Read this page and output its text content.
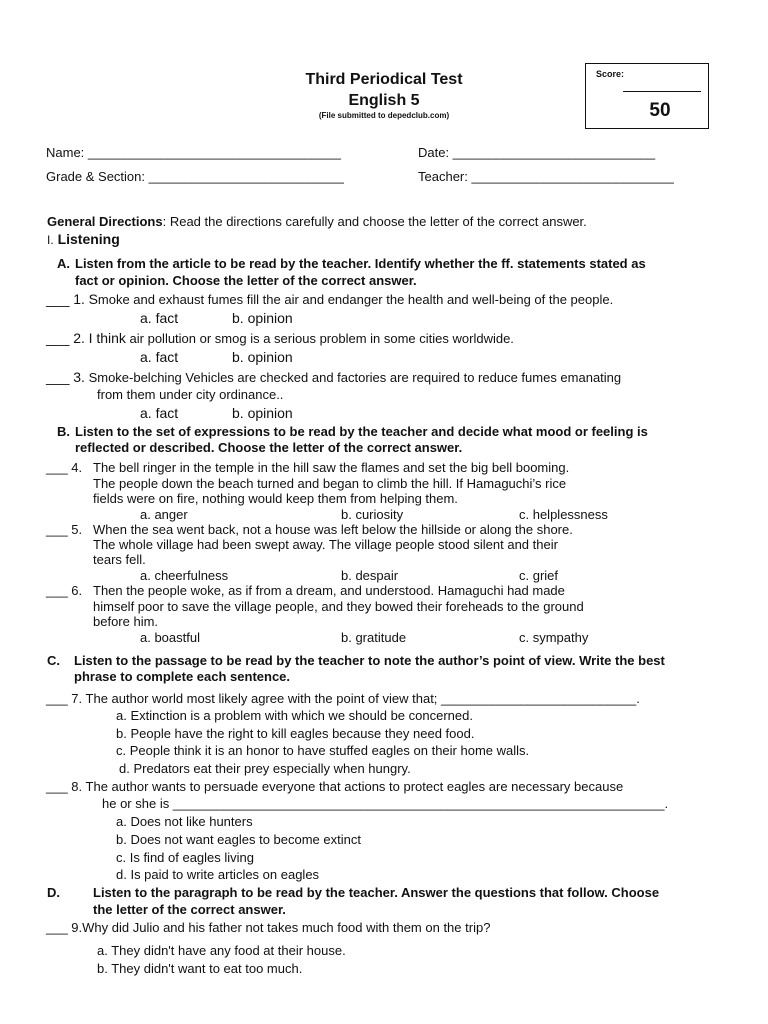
Third Periodical Test
English 5
(File submitted to depedclub.com)
Score:
50
Name: ___________________________________	Date: ____________________________
Grade & Section: ___________________________	Teacher: ____________________________
General Directions: Read the directions carefully and choose the letter of the correct answer.
I. Listening
A. Listen from the article to be read by the teacher. Identify whether the ff. statements stated as
fact or opinion. Choose the letter of the correct answer.
___ 1. Smoke and exhaust fumes fill the air and endanger the health and well-being of the people.
a. fact	b. opinion
___ 2. I think air pollution or smog is a serious problem in some cities worldwide.
a. fact	b. opinion
___ 3. Smoke-belching Vehicles are checked and factories are required to reduce fumes emanating
from them under city ordinance..
a. fact	b. opinion
B. Listen to the set of expressions to be read by the teacher and decide what mood or feeling is
reflected or described. Choose the letter of the correct answer.
___ 4. The bell ringer in the temple in the hill saw the flames and set the big bell booming.
The people down the beach turned and began to climb the hill. If Hamaguchi’s rice
fields were on fire, nothing would keep them from helping them.
a. anger	b. curiosity	c. helplessness
___ 5. When the sea went back, not a house was left below the hillside or along the shore.
The whole village had been swept away. The village people stood silent and their
tears fell.
a. cheerfulness	b. despair	c. grief
___ 6. Then the people woke, as if from a dream, and understood. Hamaguchi had made
himself poor to save the village people, and they bowed their foreheads to the ground
before him.
a. boastful	b. gratitude	c. sympathy
C. Listen to the passage to be read by the teacher to note the author’s point of view. Write the best
phrase to complete each sentence.
___ 7. The author world most likely agree with the point of view that; ___________________________.
a. Extinction is a problem with which we should be concerned.
b. People have the right to kill eagles because they need food.
c. People think it is an honor to have stuffed eagles on their home walls.
d. Predators eat their prey especially when hungry.
___ 8. The author wants to persuade everyone that actions to protect eagles are necessary because
he or she is ____________________________________________________________________.
a. Does not like hunters
b. Does not want eagles to become extinct
c. Is find of eagles living
d. Is paid to write articles on eagles
D.	Listen to the paragraph to be read by the teacher. Answer the questions that follow. Choose
the letter of the correct answer.
___ 9.Why did Julio and his father not takes much food with them on the trip?
a. They didn't have any food at their house.
b. They didn't want to eat too much.
